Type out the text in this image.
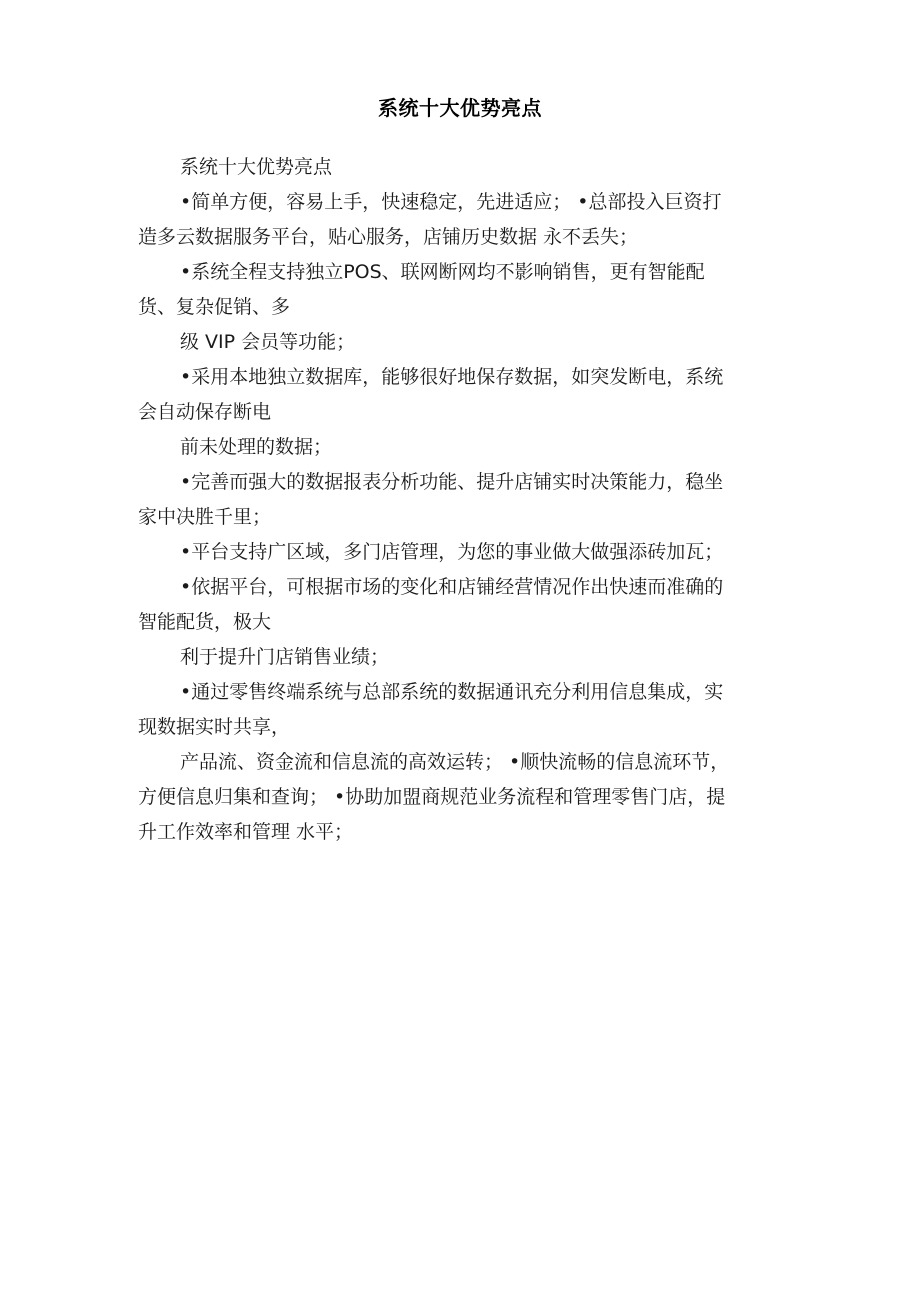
系统十大优势亮点
系统十大优势亮点
•简单方便，容易上手，快速稳定，先进适应； •总部投入巨资打
造多云数据服务平台，贴心服务，店铺历史数据 永不丢失；
•系统全程支持独立POS、联网断网均不影响销售，更有智能配
货、复杂促销、多
级 VIP 会员等功能；
•采用本地独立数据库，能够很好地保存数据，如突发断电，系统
会自动保存断电
前未处理的数据；
•完善而强大的数据报表分析功能、提升店铺实时决策能力，稳坐
家中决胜千里；
•平台支持广区域，多门店管理，为您的事业做大做强添砖加瓦；
•依据平台，可根据市场的变化和店铺经营情况作出快速而准确的
智能配货，极大
利于提升门店销售业绩；
•通过零售终端系统与总部系统的数据通讯充分利用信息集成，实
现数据实时共享，
产品流、资金流和信息流的高效运转； •顺快流畅的信息流环节，
方便信息归集和查询； •协助加盟商规范业务流程和管理零售门店，提
升工作效率和管理 水平；
